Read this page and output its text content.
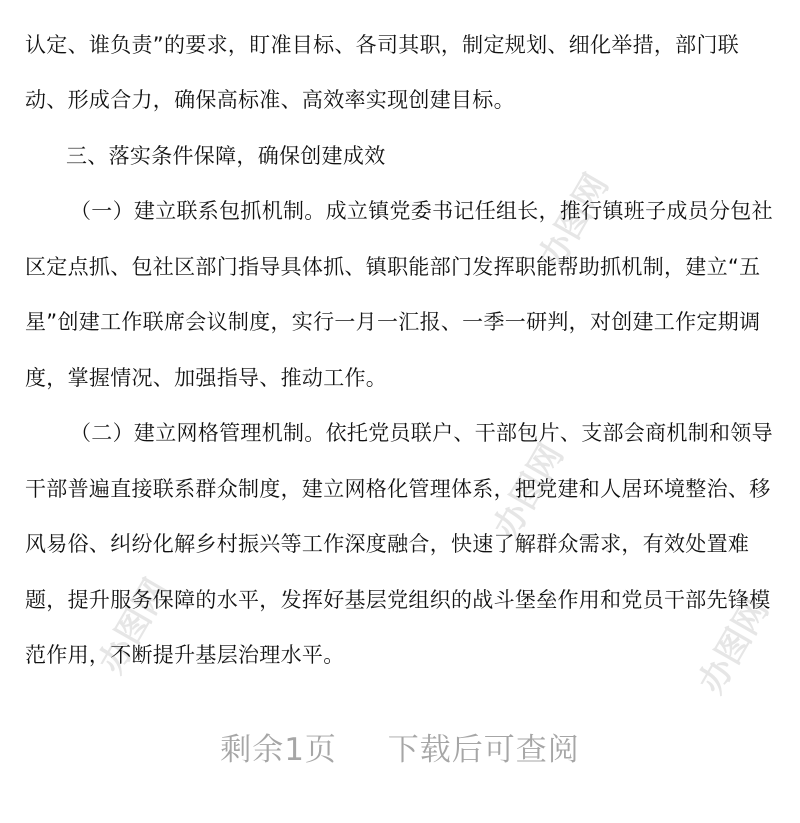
办图网
办图网
办图网
办图网
认定、谁负责”的要求，盯准目标、各司其职，制定规划、细化举措，部门联
动、形成合力，确保高标准、高效率实现创建目标。
三、落实条件保障，确保创建成效
（一）建立联系包抓机制。成立镇党委书记任组长，推行镇班子成员分包社
区定点抓、包社区部门指导具体抓、镇职能部门发挥职能帮助抓机制，建立“五
星”创建工作联席会议制度，实行一月一汇报、一季一研判，对创建工作定期调
度，掌握情况、加强指导、推动工作。
（二）建立网格管理机制。依托党员联户、干部包片、支部会商机制和领导
干部普遍直接联系群众制度，建立网格化管理体系，把党建和人居环境整治、移
风易俗、纠纷化解乡村振兴等工作深度融合，快速了解群众需求，有效处置难
题，提升服务保障的水平，发挥好基层党组织的战斗堡垒作用和党员干部先锋模
范作用，不断提升基层治理水平。
剩余1页 下载后可查阅
